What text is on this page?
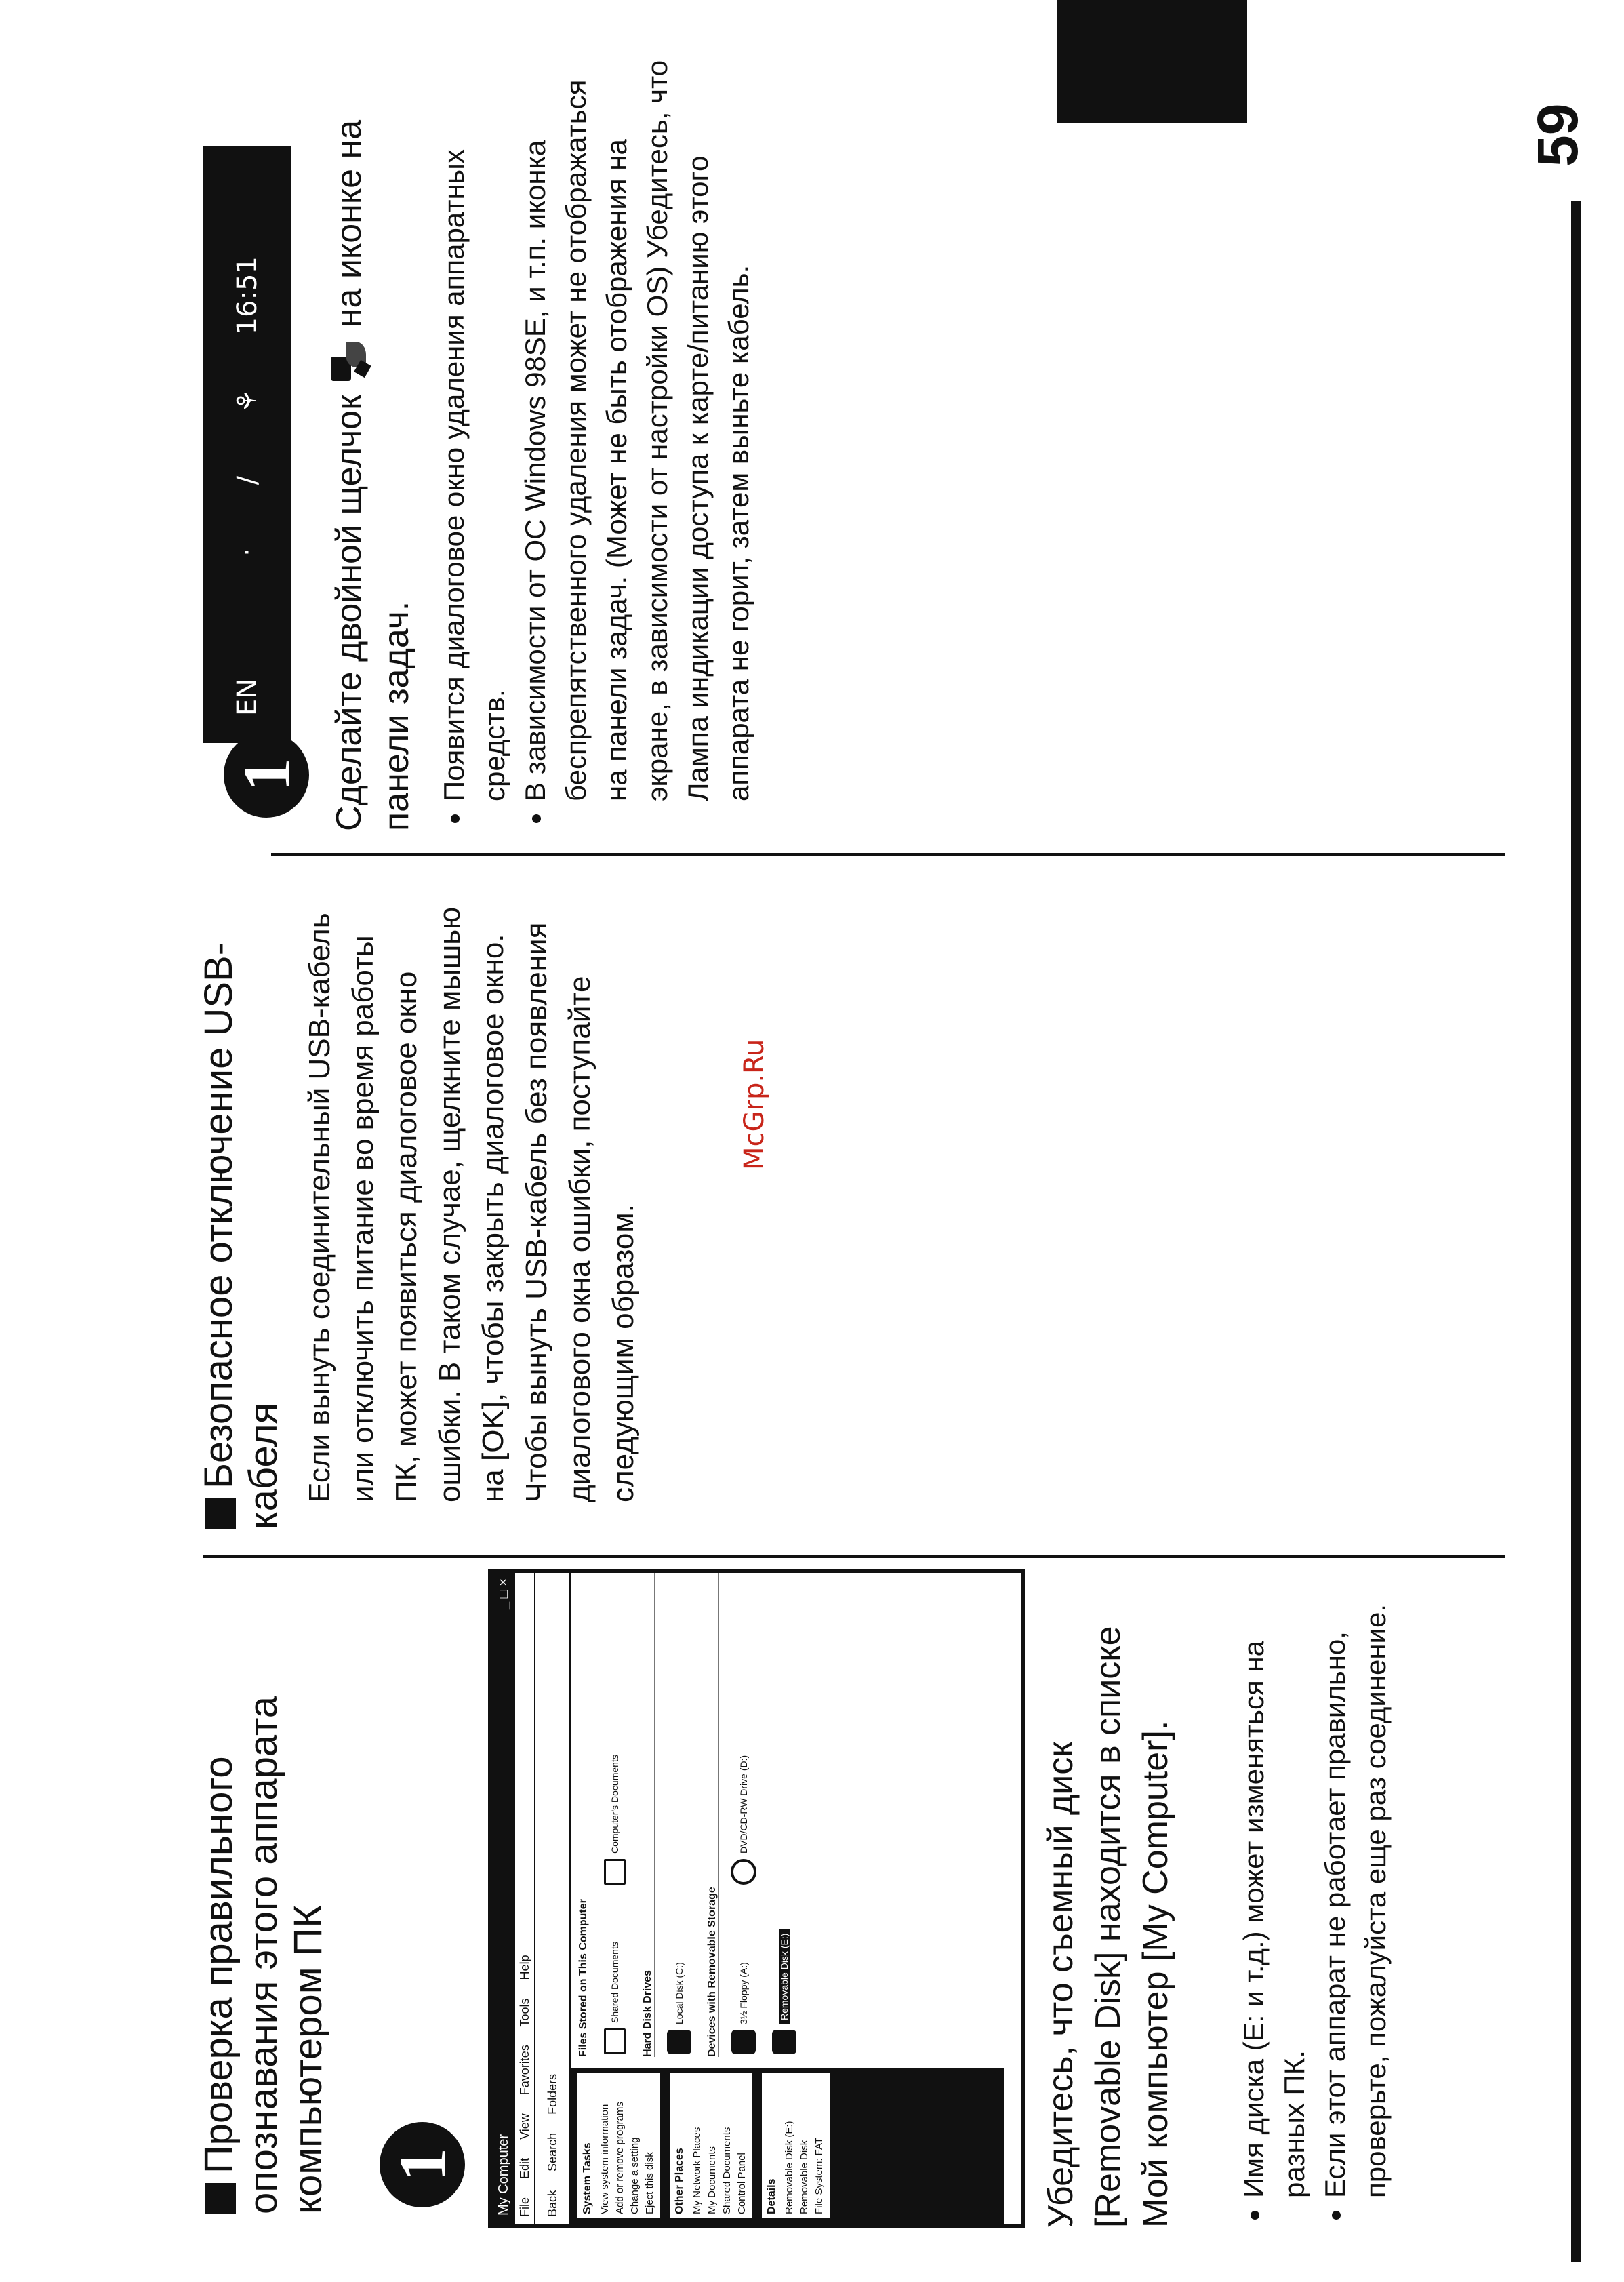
59
Проверка правильного опознавания этого аппарата компьютером ПК 1	My Computer
_ □ ×
File Edit View Favorites Tools Help
Back Search Folders
System Tasks View system information Add or remove programs Change a setting Eject this disk Other Places My Network Places My Documents Shared Documents Control Panel Details Removable Disk (E:) Removable Disk File System: FAT
Files Stored on This Computer Shared Documents
Computer's Documents
Hard Disk Drives Local Disk (C:) Devices with Removable Storage 3½ Floppy (A:)
DVD/CD-RW Drive (D:)
Removable Disk (E:)	Убедитесь, что съемный диск [Removable Disk] находится в списке Мой компьютер [My Computer]. • Имя диска (E: и т.д.) может изменяться на разных ПК. • Если этот аппарат не работает правильно, проверьте, пожалуйста еще раз соединение.
Безопасное отключение USB-кабеля Если вынуть соединительный USB-кабель или отключить питание во время работы ПК, может появиться диалоговое окно ошибки. В таком случае, щелкните мышью на [OK], чтобы закрыть диалоговое окно. Чтобы вынуть USB-кабель без появления диалогового окна ошибки, поступайте следующим образом.
McGrp.Ru
1
EN
· ∕ ⚘
16:51
Сделайте двойной щелчок
на иконке на панели задач. • Появится диалоговое окно удаления аппаратных средств. • В зависимости от ОС Windows 98SE, и т.п. иконка беспрепятственного удаления может не отображаться на панели задач. (Может не быть отображения на экране, в зависимости от настройки OS) Убедитесь, что Лампа индикации доступа к карте/питанию этого аппарата не горит, затем выньте кабель.
